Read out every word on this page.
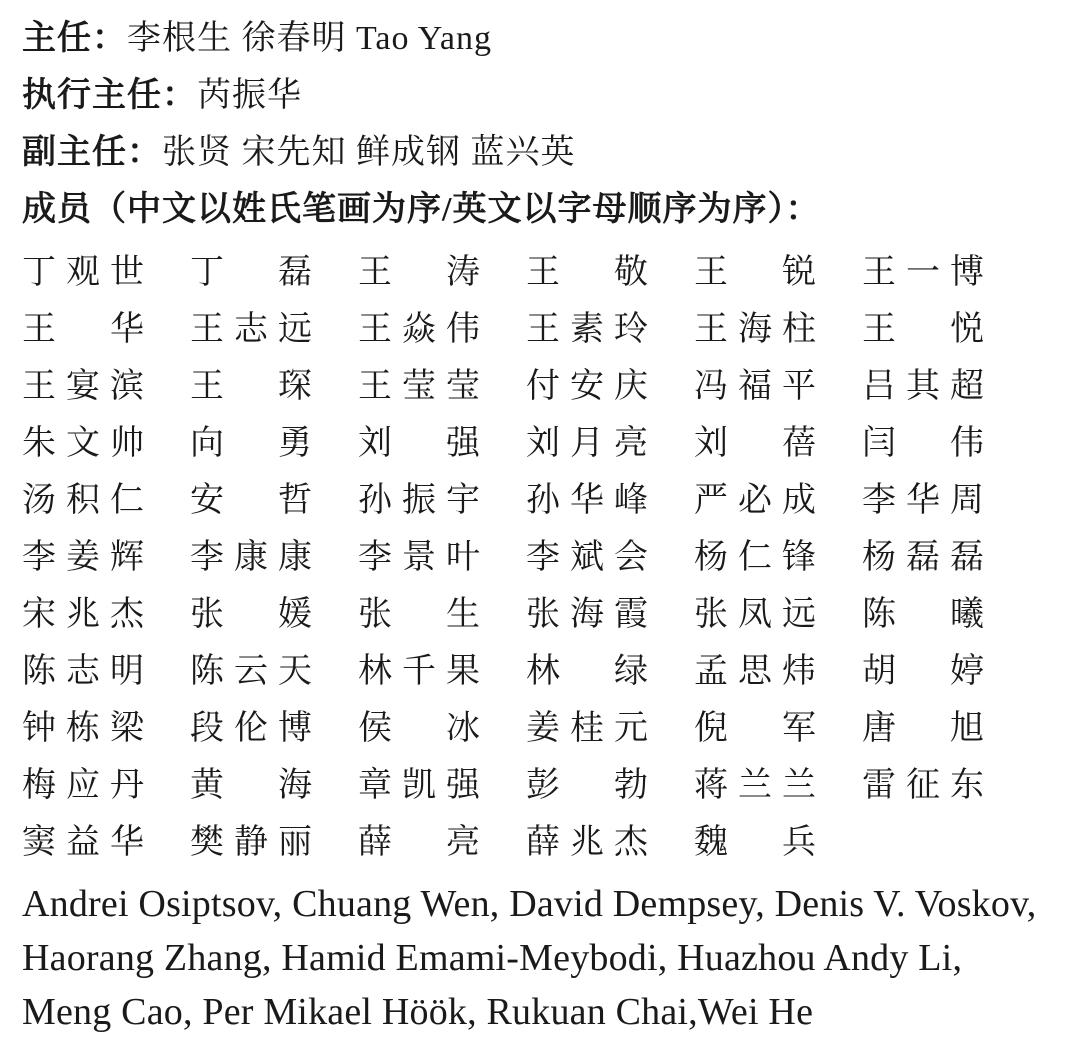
主任：李根生 徐春明 Tao Yang
执行主任：芮振华
副主任：张贤 宋先知 鲜成钢 蓝兴英
成员（中文以姓氏笔画为序/英文以字母顺序为序）：
丁 观 世 丁 磊 王 涛 王 敬 王 锐 王 一 博
王 华 王 志 远 王 焱 伟 王 素 玲 王 海 柱 王 悦
王 宴 滨 王 琛 王 莹 莹 付 安 庆 冯 福 平 吕 其 超
朱 文 帅 向 勇 刘 强 刘 月 亮 刘 蓓 闫 伟
汤 积 仁 安 哲 孙 振 宇 孙 华 峰 严 必 成 李 华 周
李 姜 辉 李 康 康 李 景 叶 李 斌 会 杨 仁 锋 杨 磊 磊
宋 兆 杰 张 媛 张 生 张 海 霞 张 凤 远 陈 曦
陈 志 明 陈 云 天 林 千 果 林 绿 孟 思 炜 胡 婷
钟 栋 梁 段 伦 博 侯 冰 姜 桂 元 倪 军 唐 旭
梅 应 丹 黄 海 章 凯 强 彭 勃 蒋 兰 兰 雷 征 东
窦 益 华 樊 静 丽 薛 亮 薛 兆 杰 魏 兵

Andrei Osiptsov, Chuang Wen, David Dempsey, Denis V. Voskov, Haorang Zhang, Hamid Emami-Meybodi, Huazhou Andy Li, Meng Cao, Per Mikael Höök, Rukuan Chai,Wei He
